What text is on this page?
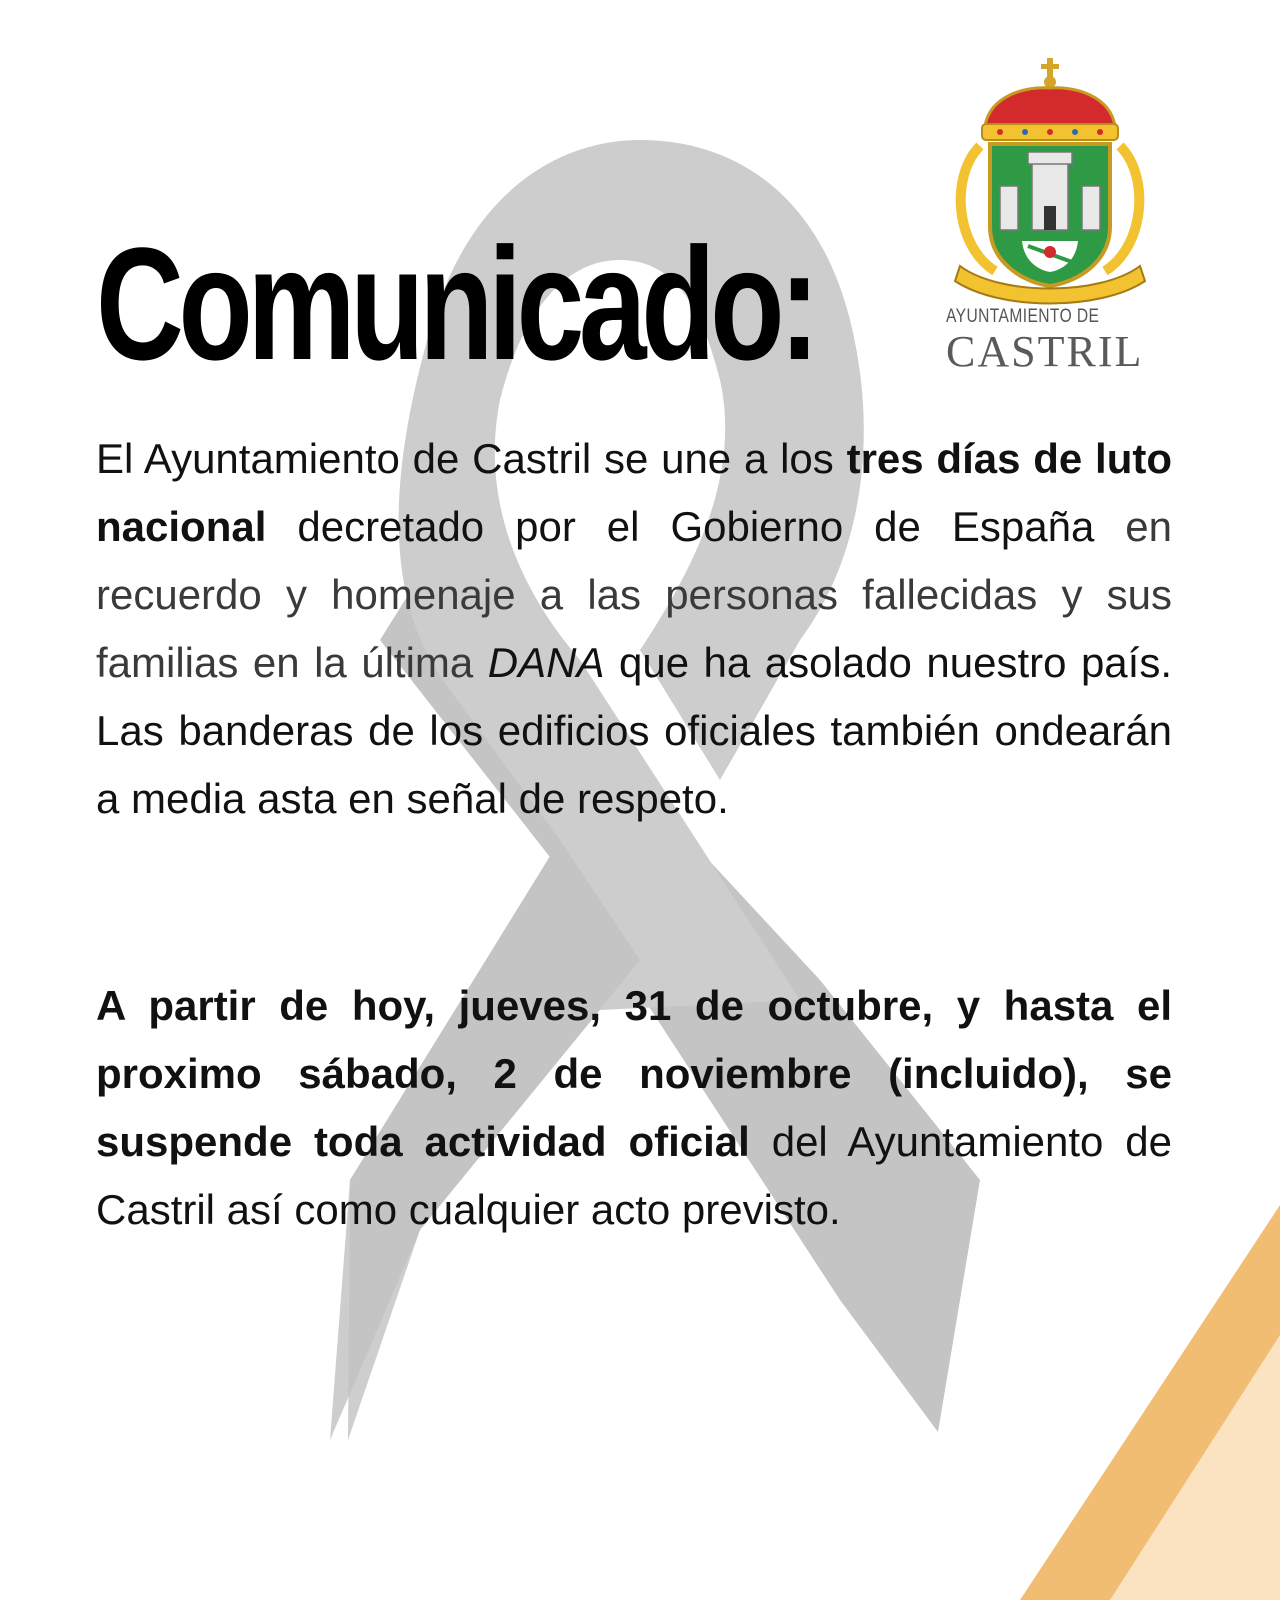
Comunicado:	AYUNTAMIENTO DE
CASTRIL

El Ayuntamiento de Castril se une a los tres días de luto nacional decretado por el Gobierno de España en recuerdo y homenaje a las personas fallecidas y sus familias en la última DANA que ha asolado nuestro país. Las banderas de los edificios oficiales también ondearán a media asta en señal de respeto.

A partir de hoy, jueves, 31 de octubre, y hasta el proximo sábado, 2 de noviembre (incluido), se suspende toda actividad oficial del Ayuntamiento de Castril así como cualquier acto previsto.
